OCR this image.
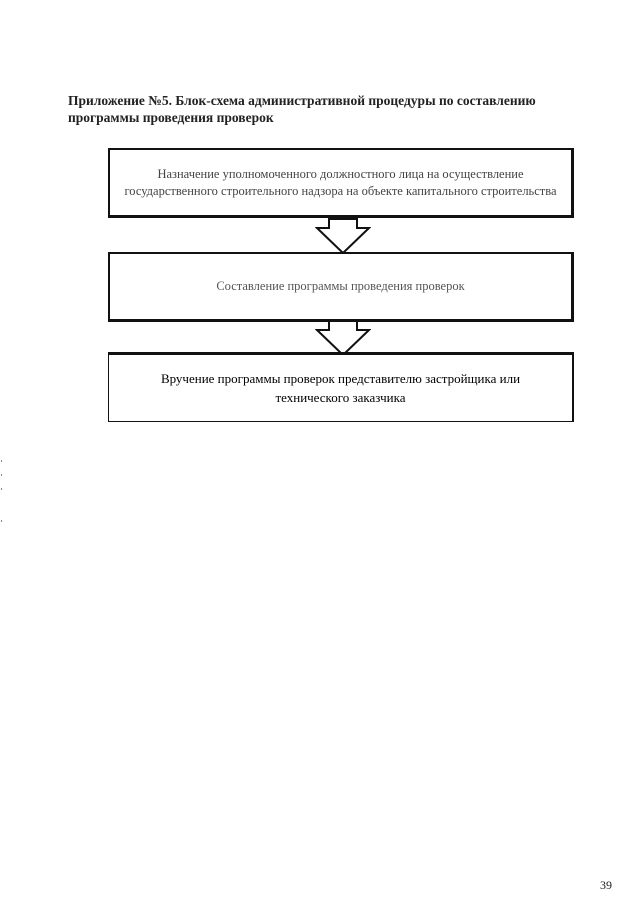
Приложение №5. Блок-схема административной процедуры по составлению программы проведения проверок
Назначение уполномоченного должностного лица на осуществление государственного строительного надзора на объекте капитального строительства
Составление программы проведения проверок
Вручение программы проверок представителю застройщика или технического заказчика
39
